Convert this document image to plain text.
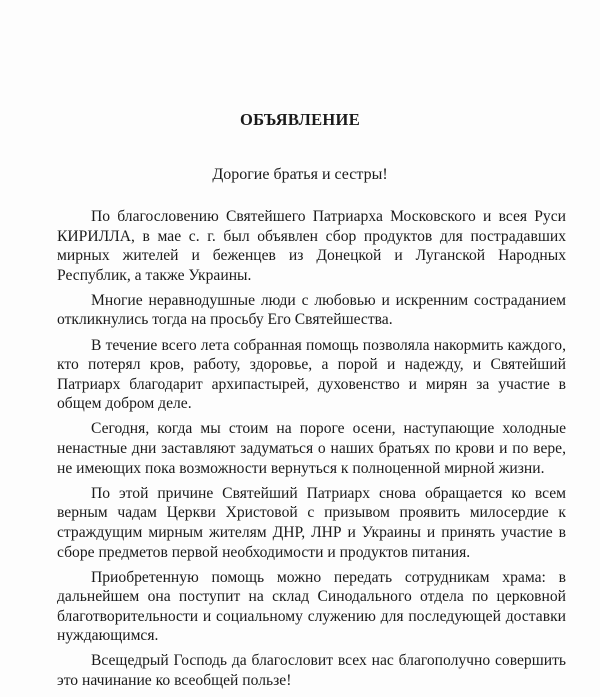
ОБЪЯВЛЕНИЕ
Дорогие братья и сестры!

По благословению Святейшего Патриарха Московского и всея Руси КИРИЛЛА, в мае с. г. был объявлен сбор продуктов для пострадавших мирных жителей и беженцев из Донецкой и Луганской Народных Республик, а также Украины.

Многие неравнодушные люди с любовью и искренним состраданием откликнулись тогда на просьбу Его Святейшества.

В течение всего лета собранная помощь позволяла накормить каждого, кто потерял кров, работу, здоровье, а порой и надежду, и Святейший Патриарх благодарит архипастырей, духовенство и мирян за участие в общем добром деле.

Сегодня, когда мы стоим на пороге осени, наступающие холодные ненастные дни заставляют задуматься о наших братьях по крови и по вере, не имеющих пока возможности вернуться к полноценной мирной жизни.

По этой причине Святейший Патриарх снова обращается ко всем верным чадам Церкви Христовой с призывом проявить милосердие к страждущим мирным жителям ДНР, ЛНР и Украины и принять участие в сборе предметов первой необходимости и продуктов питания.

Приобретенную помощь можно передать сотрудникам храма: в дальнейшем она поступит на склад Синодального отдела по церковной благотворительности и социальному служению для последующей доставки нуждающимся.

Всещедрый Господь да благословит всех нас благополучно совершить это начинание ко всеобщей пользе!
